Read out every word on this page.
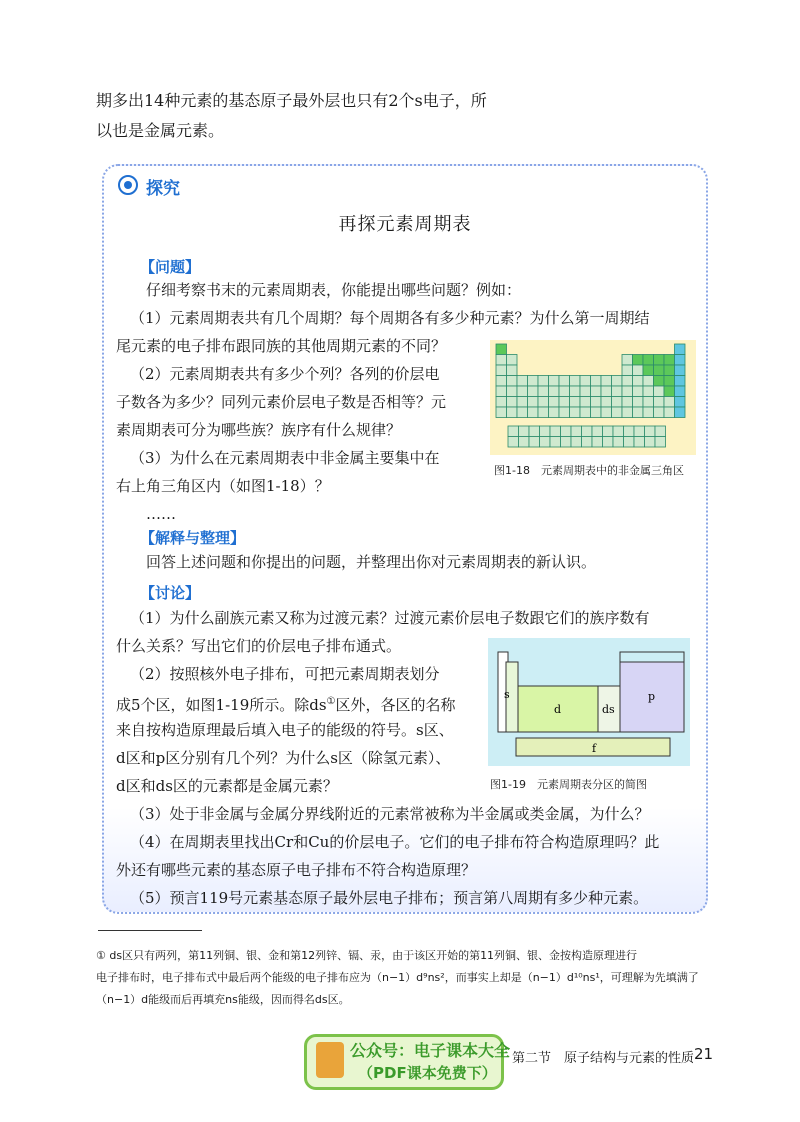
期多出14种元素的基态原子最外层也只有2个s电子，所
以也是金属元素。
探究
再探元素周期表
【问题】
仔细考察书末的元素周期表，你能提出哪些问题？例如：
（1）元素周期表共有几个周期？每个周期各有多少种元素？为什么第一周期结
尾元素的电子排布跟同族的其他周期元素的不同？
（2）元素周期表共有多少个列？各列的价层电
子数各为多少？同列元素价层电子数是否相等？元
素周期表可分为哪些族？族序有什么规律？
（3）为什么在元素周期表中非金属主要集中在
右上角三角区内（如图1-18）？
……
图1-18　元素周期表中的非金属三角区
【解释与整理】
回答上述问题和你提出的问题，并整理出你对元素周期表的新认识。
【讨论】
（1）为什么副族元素又称为过渡元素？过渡元素价层电子数跟它们的族序数有
什么关系？写出它们的价层电子排布通式。
（2）按照核外电子排布，可把元素周期表划分
成5个区，如图1-19所示。除ds①区外，各区的名称
来自按构造原理最后填入电子的能级的符号。s区、
d区和p区分别有几个列？为什么s区（除氢元素）、
d区和ds区的元素都是金属元素？
s
d	ds
p
f
图1-19　元素周期表分区的简图
（3）处于非金属与金属分界线附近的元素常被称为半金属或类金属，为什么？
（4）在周期表里找出Cr和Cu的价层电子。它们的电子排布符合构造原理吗？此
外还有哪些元素的基态原子电子排布不符合构造原理？
（5）预言119号元素基态原子最外层电子排布；预言第八周期有多少种元素。
① ds区只有两列，第11列铜、银、金和第12列锌、镉、汞，由于该区开始的第11列铜、银、金按构造原理进行
电子排布时，电子排布式中最后两个能级的电子排布应为（n−1）d⁹ns²，而事实上却是（n−1）d¹⁰ns¹，可理解为先填满了
（n−1）d能级而后再填充ns能级，因而得名ds区。
公众号：电子课本大全
（PDF课本免费下）
第二节　原子结构与元素的性质 21
